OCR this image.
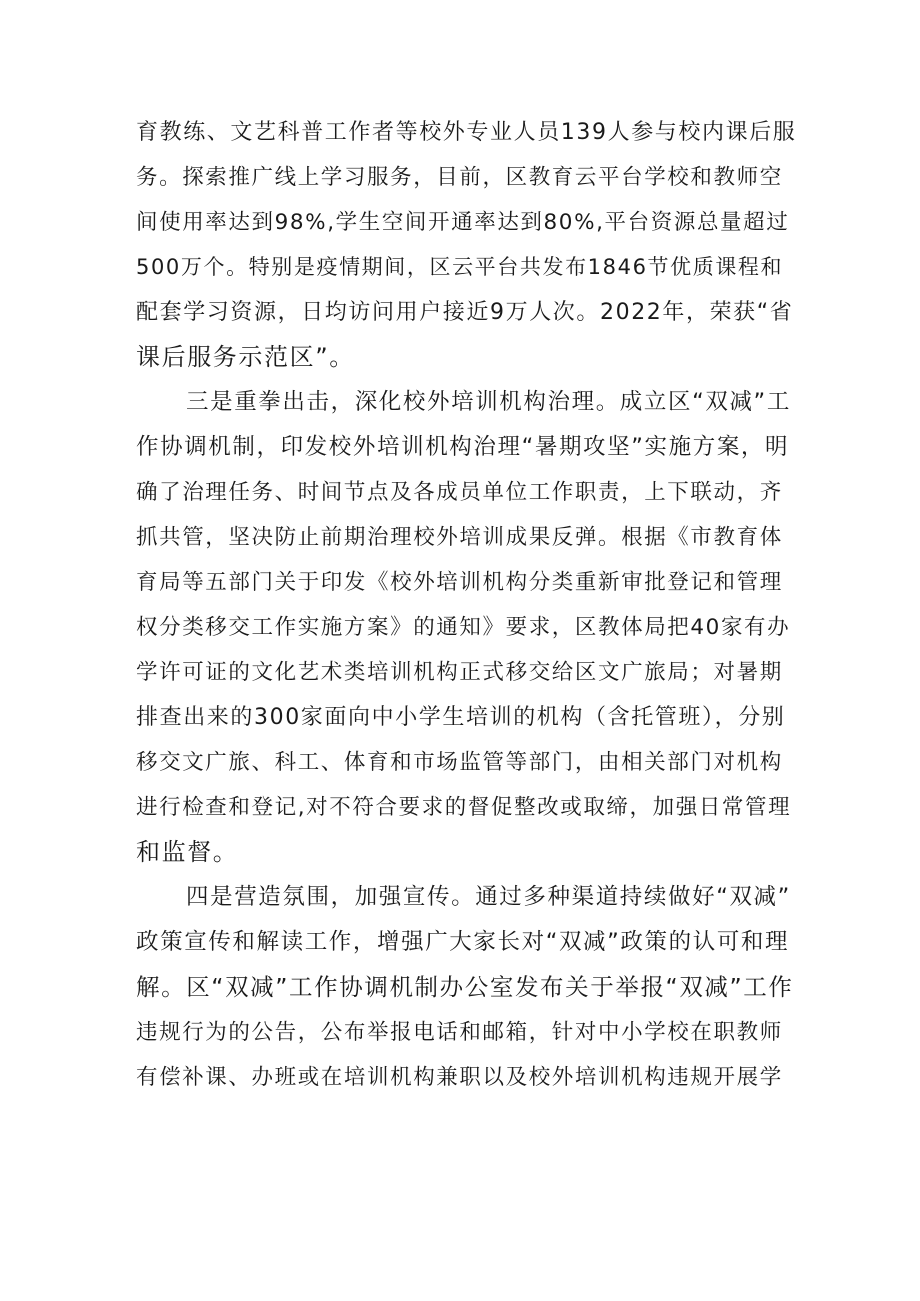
育教练、文艺科普工作者等校外专业人员139人参与校内课后服
务。探索推广线上学习服务，目前，区教育云平台学校和教师空
间使用率达到98%,学生空间开通率达到80%,平台资源总量超过
500万个。特别是疫情期间，区云平台共发布1846节优质课程和
配套学习资源，日均访问用户接近9万人次。2022年，荣获“省
课后服务示范区”。
三是重拳出击，深化校外培训机构治理。成立区“双减”工
作协调机制，印发校外培训机构治理“暑期攻坚”实施方案，明
确了治理任务、时间节点及各成员单位工作职责，上下联动，齐
抓共管，坚决防止前期治理校外培训成果反弹。根据《市教育体
育局等五部门关于印发《校外培训机构分类重新审批登记和管理
权分类移交工作实施方案》的通知》要求，区教体局把40家有办
学许可证的文化艺术类培训机构正式移交给区文广旅局；对暑期
排查出来的300家面向中小学生培训的机构（含托管班），分别
移交文广旅、科工、体育和市场监管等部门，由相关部门对机构
进行检查和登记,对不符合要求的督促整改或取缔，加强日常管理
和监督。
四是营造氛围，加强宣传。通过多种渠道持续做好“双减”
政策宣传和解读工作，增强广大家长对“双减”政策的认可和理
解。区“双减”工作协调机制办公室发布关于举报“双减”工作
违规行为的公告，公布举报电话和邮箱，针对中小学校在职教师
有偿补课、办班或在培训机构兼职以及校外培训机构违规开展学
